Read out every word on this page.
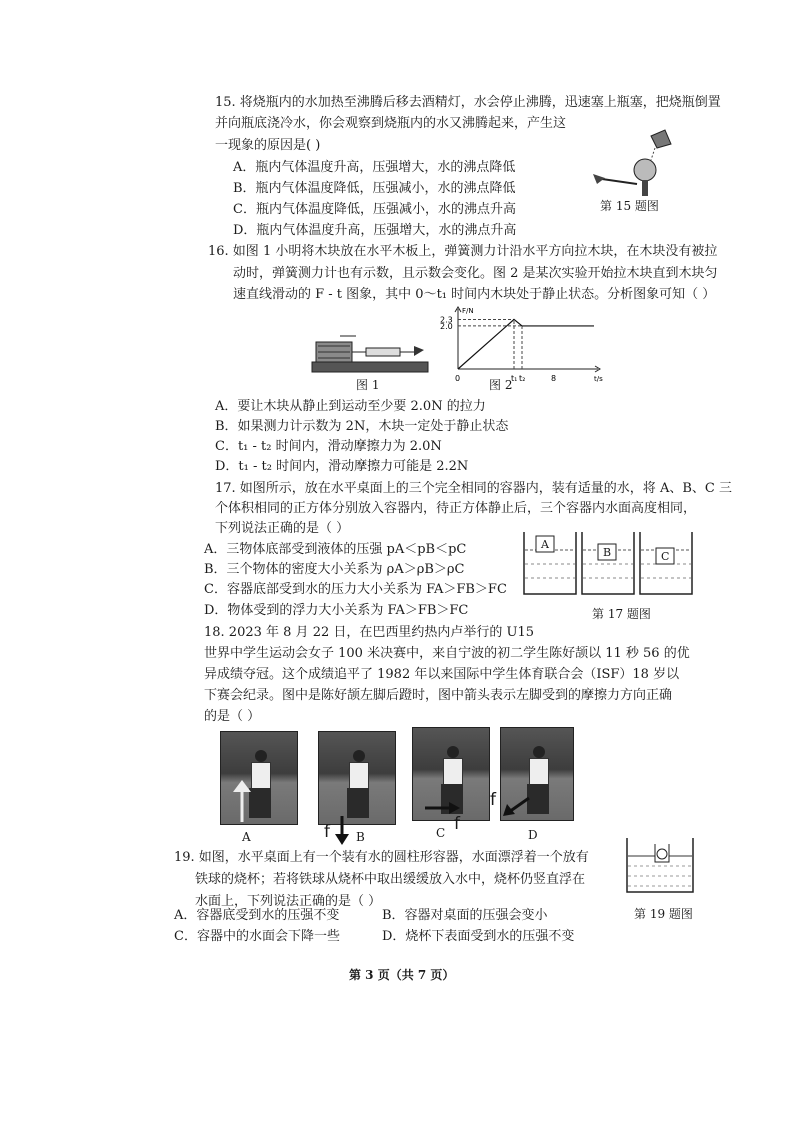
15. 将烧瓶内的水加热至沸腾后移去酒精灯，水会停止沸腾，迅速塞上瓶塞，把烧瓶倒置
并向瓶底浇冷水，你会观察到烧瓶内的水又沸腾起来，产生这
一现象的原因是( )
A．瓶内气体温度升高，压强增大，水的沸点降低
B．瓶内气体温度降低，压强减小，水的沸点降低
C．瓶内气体温度降低，压强减小，水的沸点升高
D．瓶内气体温度升高，压强增大，水的沸点升高
第 15 题图
16. 如图 1 小明将木块放在水平木板上，弹簧测力计沿水平方向拉木块，在木块没有被拉
动时，弹簧测力计也有示数，且示数会变化。图 2 是某次实验开始拉木块直到木块匀
速直线滑动的 F - t 图象，其中 0～t₁ 时间内木块处于静止状态。分析图象可知（ ）
图 1
F/N
t/s
2.0
2.3
0	t₁ t₂	8
图 2
A．要让木块从静止到运动至少要 2.0N 的拉力
B．如果测力计示数为 2N，木块一定处于静止状态
C．t₁ - t₂ 时间内，滑动摩擦力为 2.0N
D．t₁ - t₂ 时间内，滑动摩擦力可能是 2.2N
17. 如图所示，放在水平桌面上的三个完全相同的容器内，装有适量的水，将 A、B、C 三
个体积相同的正方体分别放入容器内，待正方体静止后，三个容器内水面高度相同，
下列说法正确的是（ ）
A．三物体底部受到液体的压强 pA＜pB＜pC
B．三个物体的密度大小关系为 ρA＞ρB＞ρC
C．容器底部受到水的压力大小关系为 FA＞FB＞FC
D．物体受到的浮力大小关系为 FA＞FB＞FC
A
B	C
第 17 题图
18. 2023 年 8 月 22 日，在巴西里约热内卢举行的 U15
世界中学生运动会女子 100 米决赛中，来自宁波的初二学生陈好颉以 11 秒 56 的优
异成绩夺冠。这个成绩追平了 1982 年以来国际中学生体育联合会（ISF）18 岁以
下赛会纪录。图中是陈好颉左脚后蹬时，图中箭头表示左脚受到的摩擦力方向正确
的是（ ）
A	f B
f
C
f
D
19. 如图，水平桌面上有一个装有水的圆柱形容器，水面漂浮着一个放有
铁球的烧杯；若将铁球从烧杯中取出缓缓放入水中，烧杯仍竖直浮在
水面上，下列说法正确的是（ ）
A．容器底受到水的压强不变	B．容器对桌面的压强会变小
C．容器中的水面会下降一些	D．烧杯下表面受到水的压强不变
第 19 题图
第 3 页（共 7 页）
